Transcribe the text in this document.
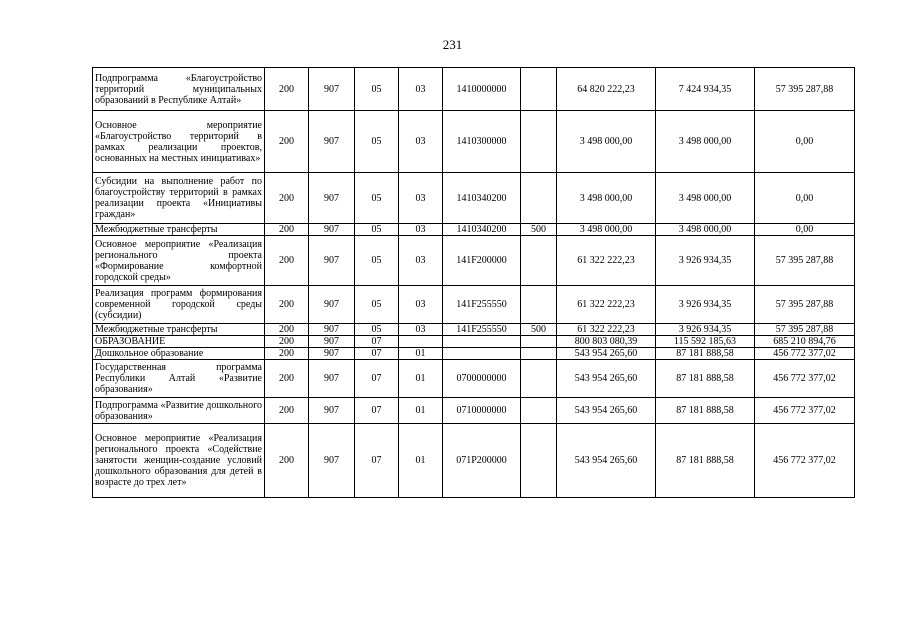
231
Подпрограмма «Благоустройство территорий муниципальных образований в Республике Алтай»	200	907	05	03	1410000000		64 820 222,23	7 424 934,35	57 395 287,88
Основное мероприятие «Благоустройство территорий в рамках реализации проектов, основанных на местных инициативах»	200	907	05	03	1410300000		3 498 000,00	3 498 000,00	0,00
Субсидии на выполнение работ по благоустройству территорий в рамках реализации проекта «Инициативы граждан»	200	907	05	03	1410340200		3 498 000,00	3 498 000,00	0,00
Межбюджетные трансферты	200	907	05	03	1410340200	500	3 498 000,00	3 498 000,00	0,00
Основное мероприятие «Реализация регионального проекта «Формирование комфортной городской среды»	200	907	05	03	141F200000		61 322 222,23	3 926 934,35	57 395 287,88
Реализация программ формирования современной городской среды (субсидии)	200	907	05	03	141F255550		61 322 222,23	3 926 934,35	57 395 287,88
Межбюджетные трансферты	200	907	05	03	141F255550	500	61 322 222,23	3 926 934,35	57 395 287,88
ОБРАЗОВАНИЕ	200	907	07				800 803 080,39	115 592 185,63	685 210 894,76
Дошкольное образование	200	907	07	01			543 954 265,60	87 181 888,58	456 772 377,02
Государственная программа Республики Алтай «Развитие образования»	200	907	07	01	0700000000		543 954 265,60	87 181 888,58	456 772 377,02
Подпрограмма «Развитие дошкольного образования»	200	907	07	01	0710000000		543 954 265,60	87 181 888,58	456 772 377,02
Основное мероприятие «Реализация регионального проекта «Содействие занятости женщин-создание условий дошкольного образования для детей в возрасте до трех лет»	200	907	07	01	071P200000		543 954 265,60	87 181 888,58	456 772 377,02
